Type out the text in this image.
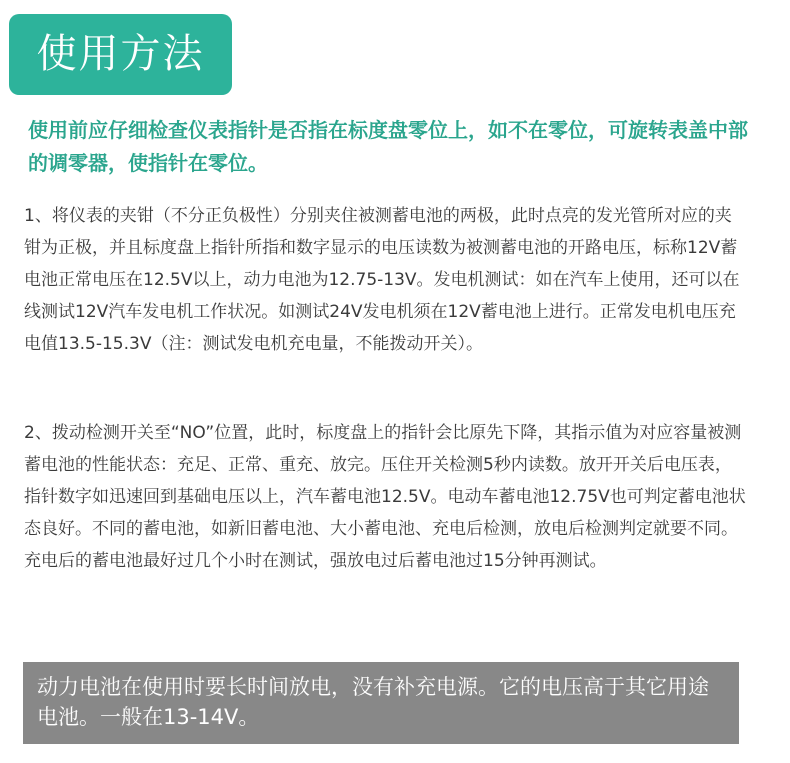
使用方法
使用前应仔细检查仪表指针是否指在标度盘零位上，如不在零位，可旋转表盖中部的调零器，使指针在零位。
1、将仪表的夹钳（不分正负极性）分别夹住被测蓄电池的两极，此时点亮的发光管所对应的夹钳为正极，并且标度盘上指针所指和数字显示的电压读数为被测蓄电池的开路电压，标称12V蓄电池正常电压在12.5V以上，动力电池为12.75-13V。发电机测试：如在汽车上使用，还可以在线测试12V汽车发电机工作状况。如测试24V发电机须在12V蓄电池上进行。正常发电机电压充电值13.5-15.3V（注：测试发电机充电量，不能拨动开关）。
2、拨动检测开关至“NO”位置，此时，标度盘上的指针会比原先下降，其指示值为对应容量被测蓄电池的性能状态：充足、正常、重充、放完。压住开关检测5秒内读数。放开开关后电压表，指针数字如迅速回到基础电压以上，汽车蓄电池12.5V。电动车蓄电池12.75V也可判定蓄电池状态良好。不同的蓄电池，如新旧蓄电池、大小蓄电池、充电后检测，放电后检测判定就要不同。充电后的蓄电池最好过几个小时在测试，强放电过后蓄电池过15分钟再测试。
动力电池在使用时要长时间放电，没有补充电源。它的电压高于其它用途电池。一般在13-14V。
